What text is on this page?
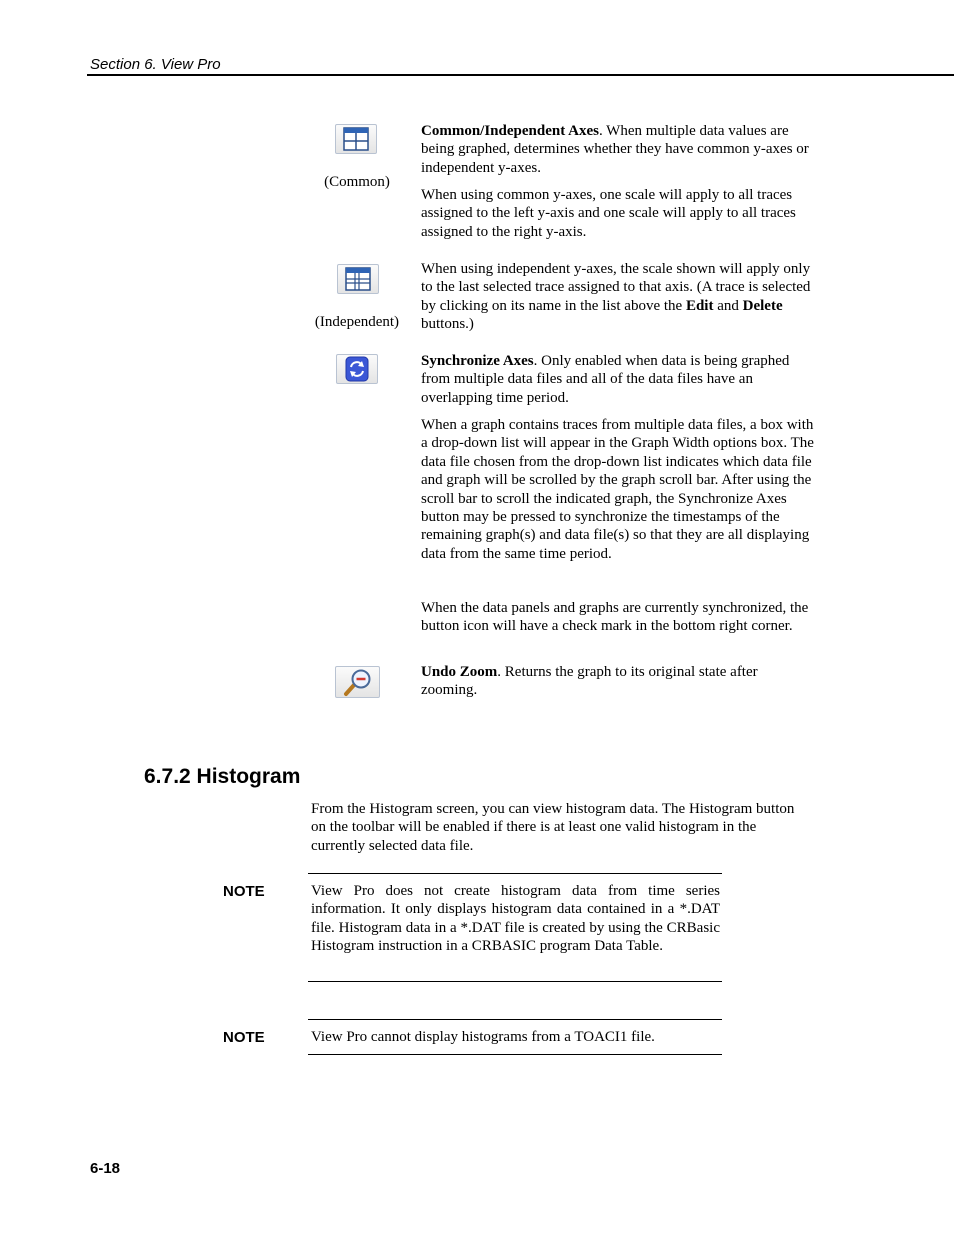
Section 6. View Pro
(Common)
Common/Independent Axes. When multiple data values are being graphed, determines whether they have common y-axes or independent y-axes.
When using common y-axes, one scale will apply to all traces assigned to the left y-axis and one scale will apply to all traces assigned to the right y-axis.
(Independent)
When using independent y-axes, the scale shown will apply only to the last selected trace assigned to that axis. (A trace is selected by clicking on its name in the list above the Edit and Delete buttons.)
Synchronize Axes. Only enabled when data is being graphed from multiple data files and all of the data files have an overlapping time period.
When a graph contains traces from multiple data files, a box with a drop-down list will appear in the Graph Width options box. The data file chosen from the drop-down list indicates which data file and graph will be scrolled by the graph scroll bar. After using the scroll bar to scroll the indicated graph, the Synchronize Axes button may be pressed to synchronize the timestamps of the remaining graph(s) and data file(s) so that they are all displaying data from the same time period.
When the data panels and graphs are currently synchronized, the button icon will have a check mark in the bottom right corner.
Undo Zoom. Returns the graph to its original state after zooming.
6.7.2 Histogram
From the Histogram screen, you can view histogram data. The Histogram button on the toolbar will be enabled if there is at least one valid histogram in the currently selected data file.
NOTE	View Pro does not create histogram data from time series information. It only displays histogram data contained in a *.DAT file. Histogram data in a *.DAT file is created by using the CRBasic Histogram instruction in a CRBASIC program Data Table.
NOTE	View Pro cannot display histograms from a TOACI1 file.
6-18
